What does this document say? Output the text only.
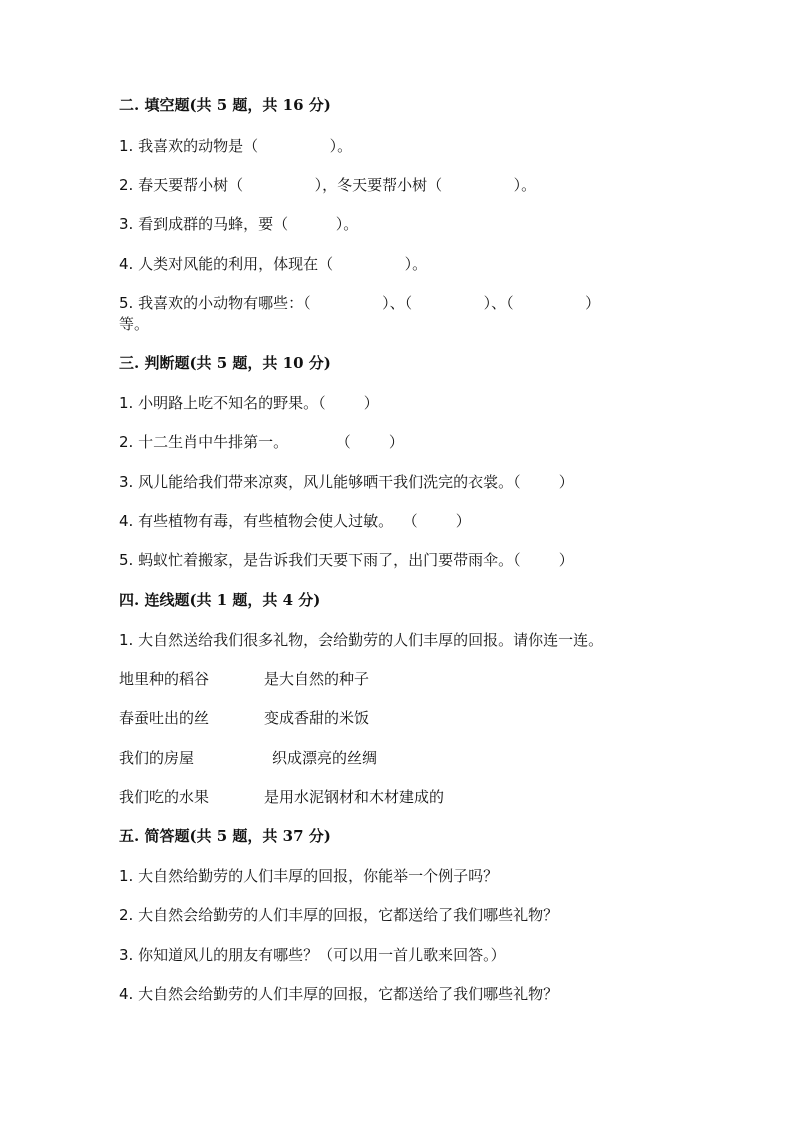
二. 填空题(共 5 题，共 16 分)
1. 我喜欢的动物是（               ）。
2. 春天要帮小树（               ），冬天要帮小树（               ）。
3. 看到成群的马蜂，要（          ）。
4. 人类对风能的利用，体现在（               ）。
5. 我喜欢的小动物有哪些：（               ）、（               ）、（               ）
等。
三. 判断题(共 5 题，共 10 分)
1. 小明路上吃不知名的野果。（        ）
2. 十二生肖中牛排第一。          （        ）
3. 风儿能给我们带来凉爽，风儿能够晒干我们洗完的衣裳。（        ）
4. 有些植物有毒，有些植物会使人过敏。  （        ）
5. 蚂蚁忙着搬家，是告诉我们天要下雨了，出门要带雨伞。（        ）
四. 连线题(共 1 题，共 4 分)
1. 大自然送给我们很多礼物，会给勤劳的人们丰厚的回报。请你连一连。
地里种的稻谷	是大自然的种子
春蚕吐出的丝	变成香甜的米饭
我们的房屋	织成漂亮的丝绸
我们吃的水果	是用水泥钢材和木材建成的
五. 简答题(共 5 题，共 37 分)
1. 大自然给勤劳的人们丰厚的回报，你能举一个例子吗？
2. 大自然会给勤劳的人们丰厚的回报，它都送给了我们哪些礼物？
3. 你知道风儿的朋友有哪些？（可以用一首儿歌来回答。）
4. 大自然会给勤劳的人们丰厚的回报，它都送给了我们哪些礼物？
